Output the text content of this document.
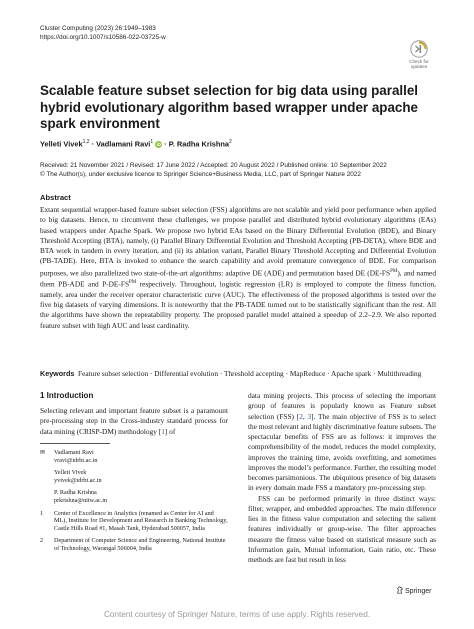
Cluster Computing (2023) 26:1949–1983
https://doi.org/10.1007/s10586-022-03725-w
Check for updates
Scalable feature subset selection for big data using parallel hybrid evolutionary algorithm based wrapper under apache spark environment
Yelleti Vivek$^{1,2}$ · Vadlamani Ravi$^1$ iD · P. Radha Krishna$^2$
Received: 21 November 2021 / Revised: 17 June 2022 / Accepted: 20 August 2022 / Published online: 10 September 2022
© The Author(s), under exclusive licence to Springer Science+Business Media, LLC, part of Springer Nature 2022
Abstract
Extant sequential wrapper-based feature subset selection (FSS) algorithms are not scalable and yield poor performance when applied to big datasets. Hence, to circumvent these challenges, we propose parallel and distributed hybrid evolutionary algorithms (EAs) based wrappers under Apache Spark. We propose two hybrid EAs based on the Binary Differential Evolution (BDE), and Binary Threshold Accepting (BTA), namely, (i) Parallel Binary Differential Evolution and Threshold Accepting (PB-DETA), where BDE and BTA work in tandem in every iteration, and (ii) its ablation variant, Parallel Binary Threshold Accepting and Differential Evolution (PB-TADE). Here, BTA is invoked to enhance the search capability and avoid premature convergence of BDE. For comparison purposes, we also parallelized two state-of-the-art algorithms: adaptive DE (ADE) and permutation based DE $(DE-FS^{PM})$, and named them PB-ADE and $P-DE-FS^{PM}$ respectively. Throughout, logistic regression (LR) is employed to compute the fitness function, namely, area under the receiver operator characteristic curve (AUC). The effectiveness of the proposed algorithms is tested over the five big datasets of varying dimensions. It is noteworthy that the PB-TADE turned out to be statistically significant than the rest. All the algorithms have shown the repeatability property. The proposed parallel model attained a speedup of 2.2–2.9. We also reported feature subset with high AUC and least cardinality.
Keywords Feature subset selection · Differential evolution · Threshold accepting · MapReduce · Apache spark · Multithreading
1 Introduction
Selecting relevant and important feature subset is a paramount pre-processing step in the Cross-industry standard process for data mining (CRISP-DM) methodology [1] of
✉	Vadlamani Ravi
vravi@idrbt.ac.in
Yelleti Vivek
yvivek@idrbt.ac.in
P. Radha Krishna
prkrishna@nitw.ac.in
1	Center of Excellence in Analytics (renamed as Center for AI and ML), Institute for Development and Research in Banking Technology, Castle Hills Road #1, Masab Tank, Hyderabad 500057, India
2	Department of Computer Science and Engineering, National Institute of Technology, Warangal 506004, India
data mining projects. This process of selecting the important group of features is popularly known as Feature subset selection (FSS) [2, 3]. The main objective of FSS is to select the most relevant and highly discriminative feature subsets. The spectacular benefits of FSS are as follows: it improves the comprehensibility of the model, reduces the model complexity, improves the training time, avoids overfitting, and sometimes improves the model’s performance. Further, the resulting model becomes parsimonious. The ubiquitous presence of big datasets in every domain made FSS a mandatory pre-processing step.
FSS can be performed primarily in three distinct ways: filter, wrapper, and embedded approaches. The main difference lies in the fitness value computation and selecting the salient features individually or group-wise. The filter approaches measure the fitness value based on statistical measure such as Information gain, Mutual information, Gain ratio, etc. These methods are fast but result in less
Springer
Content courtesy of Springer Nature, terms of use apply. Rights reserved.
